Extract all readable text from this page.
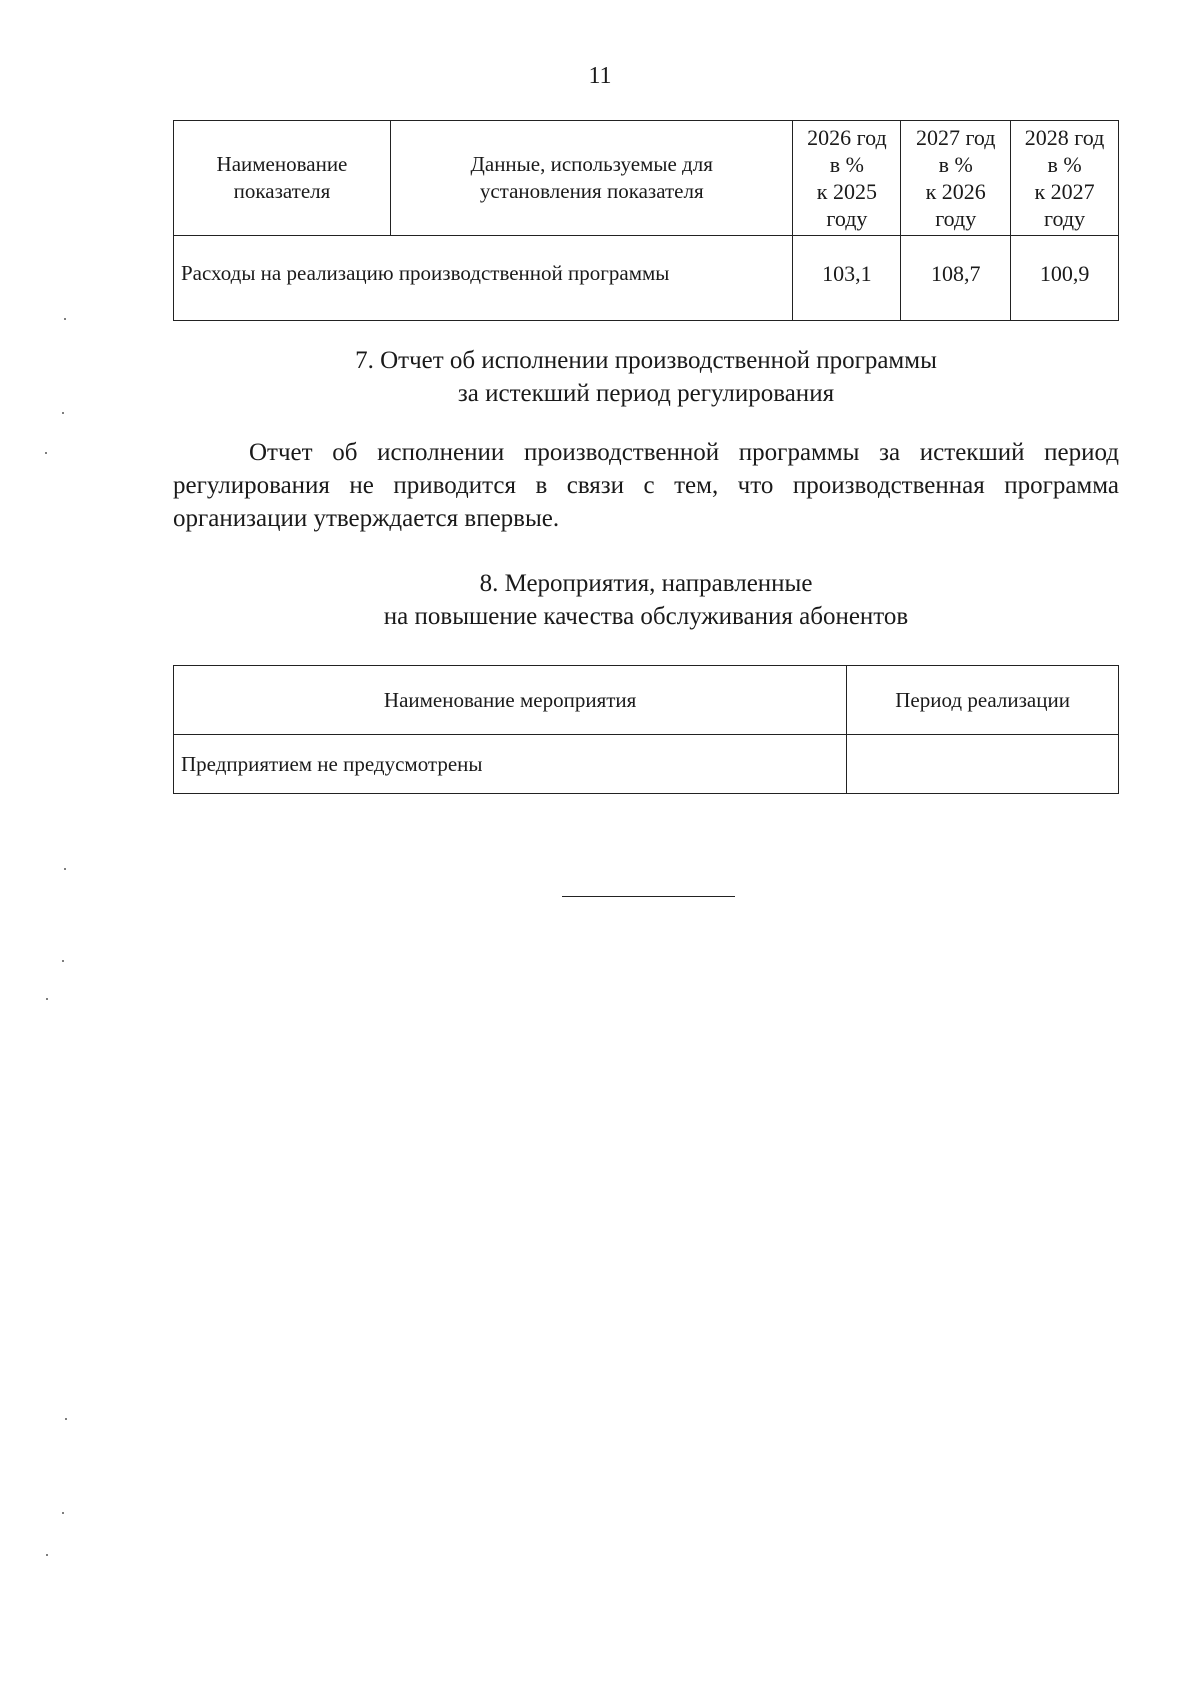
11
Наименование показателя	Данные, используемые для установления показателя	2026 год
в %
к 2025
году	2027 год
в %
к 2026
году	2028 год
в %
к 2027
году

Расходы на реализацию производственной программы		103,1	108,7	100,9
7. Отчет об исполнении производственной программы
за истекший период регулирования

Отчет об исполнении производственной программы за истекший период регулирования не приводится в связи с тем, что производственная программа организации утверждается впервые.

8. Мероприятия, направленные
на повышение качества обслуживания абонентов
Наименование мероприятия	Период реализации
Предприятием не предусмотрены	
